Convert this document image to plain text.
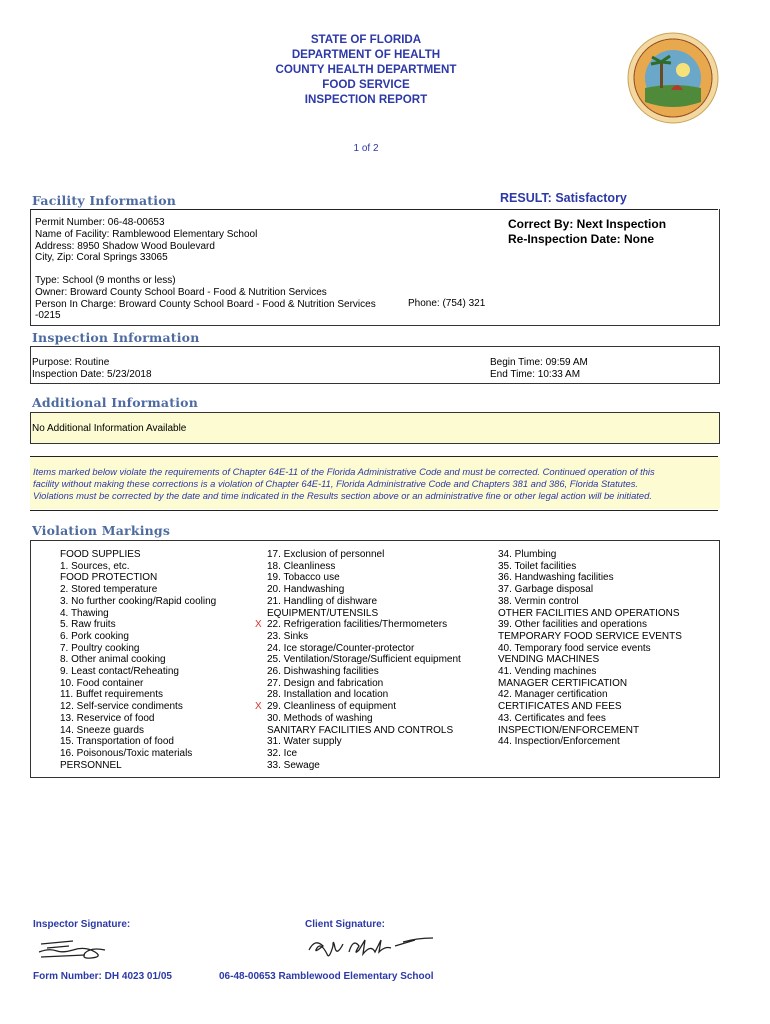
STATE OF FLORIDA
DEPARTMENT OF HEALTH
COUNTY HEALTH DEPARTMENT
FOOD SERVICE
INSPECTION REPORT
1 of 2
Facility Information	RESULT: Satisfactory
Permit Number: 06-48-00653
Name of Facility: Ramblewood Elementary School
Address: 8950 Shadow Wood Boulevard
City, Zip: Coral Springs 33065
Type: School (9 months or less)
Owner: Broward County School Board - Food & Nutrition Services
Person In Charge: Broward County School Board - Food & Nutrition Services
-0215
Phone: (754) 321
Correct By: Next Inspection
Re-Inspection Date: None
Inspection Information
Purpose: Routine
Inspection Date: 5/23/2018
Begin Time: 09:59 AM
End Time: 10:33 AM
Additional Information
No Additional Information Available
Items marked below violate the requirements of Chapter 64E-11 of the Florida Administrative Code and must be corrected. Continued operation of this
facility without making these corrections is a violation of Chapter 64E-11, Florida Administrative Code and Chapters 381 and 386, Florida Statutes.
Violations must be corrected by the date and time indicated in the Results section above or an administrative fine or other legal action will be initiated.
Violation Markings
FOOD SUPPLIES
1. Sources, etc.
FOOD PROTECTION
2. Stored temperature
3. No further cooking/Rapid cooling
4. Thawing
5. Raw fruits
6. Pork cooking
7. Poultry cooking
8. Other animal cooking
9. Least contact/Reheating
10. Food container
11. Buffet requirements
12. Self-service condiments
13. Reservice of food
14. Sneeze guards
15. Transportation of food
16. Poisonous/Toxic materials
PERSONNEL
17. Exclusion of personnel
18. Cleanliness
19. Tobacco use
20. Handwashing
21. Handling of dishware
EQUIPMENT/UTENSILS
X 22. Refrigeration facilities/Thermometers
23. Sinks
24. Ice storage/Counter-protector
25. Ventilation/Storage/Sufficient equipment
26. Dishwashing facilities
27. Design and fabrication
28. Installation and location
X 29. Cleanliness of equipment
30. Methods of washing
SANITARY FACILITIES AND CONTROLS
31. Water supply
32. Ice
33. Sewage
34. Plumbing
35. Toilet facilities
36. Handwashing facilities
37. Garbage disposal
38. Vermin control
OTHER FACILITIES AND OPERATIONS
39. Other facilities and operations
TEMPORARY FOOD SERVICE EVENTS
40. Temporary food service events
VENDING MACHINES
41. Vending machines
MANAGER CERTIFICATION
42. Manager certification
CERTIFICATES AND FEES
43. Certificates and fees
INSPECTION/ENFORCEMENT
44. Inspection/Enforcement
Inspector Signature:	Client Signature:
Form Number: DH 4023 01/05	06-48-00653 Ramblewood Elementary School
